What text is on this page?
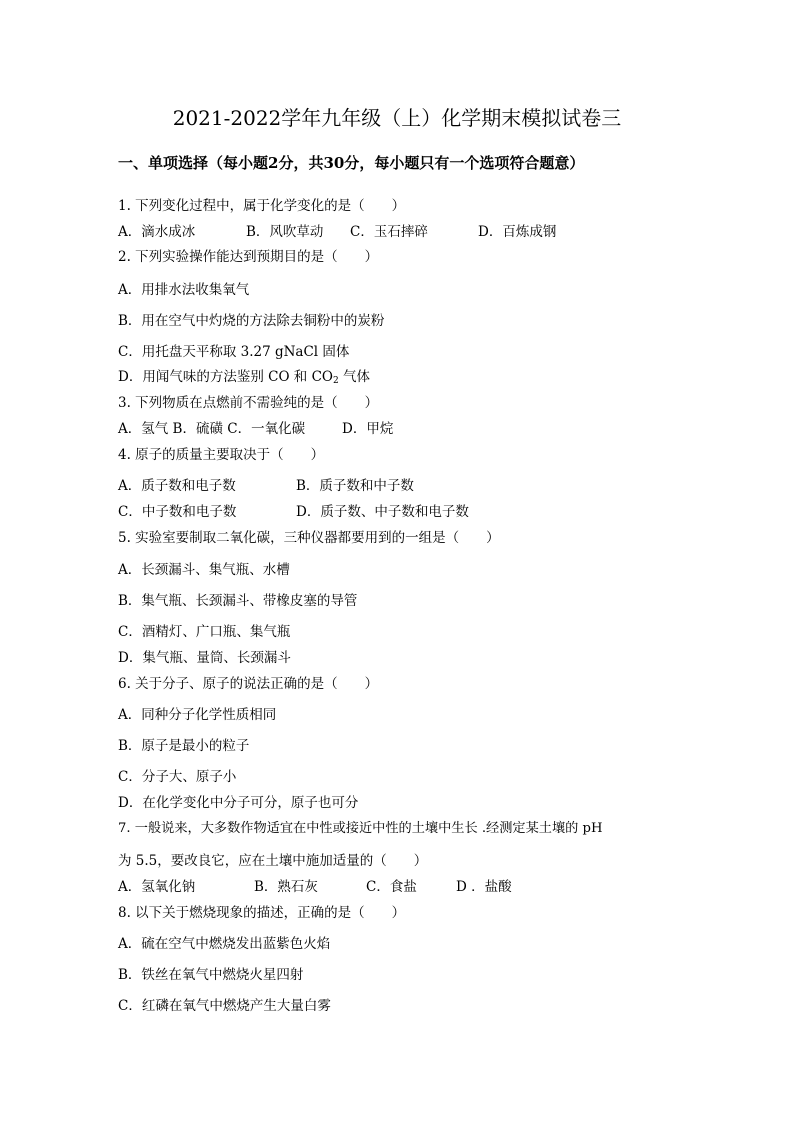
2021-2022学年九年级（上）化学期末模拟试卷三
一、单项选择（每小题2分，共30分，每小题只有一个选项符合题意）
1. 下列变化过程中，属于化学变化的是（　　）
A．滴水成冰	B．风吹草动 C．玉石摔碎	D．百炼成钢
2. 下列实验操作能达到预期目的是（　　）
A．用排水法收集氧气
B．用在空气中灼烧的方法除去铜粉中的炭粉
C．用托盘天平称取 3.27 gNaCl 固体
D．用闻气味的方法鉴别 CO 和 $CO_2$ 气体
3. 下列物质在点燃前不需验纯的是（　　）
A．氢气 B．硫磺 C．一氧化碳	D．甲烷
4. 原子的质量主要取决于（　　）
A．质子数和电子数	B．质子数和中子数
C．中子数和电子数	D．质子数、中子数和电子数
5. 实验室要制取二氧化碳，三种仪器都要用到的一组是（　　）
A．长颈漏斗、集气瓶、水槽
B．集气瓶、长颈漏斗、带橡皮塞的导管
C．酒精灯、广口瓶、集气瓶
D．集气瓶、量筒、长颈漏斗
6. 关于分子、原子的说法正确的是（　　）
A．同种分子化学性质相同
B．原子是最小的粒子
C．分子大、原子小
D．在化学变化中分子可分，原子也可分
7. 一般说来，大多数作物适宜在中性或接近中性的土壤中生长 .经测定某土壤的 pH
为 5.5，要改良它，应在土壤中施加适量的（　　）
A．氢氧化钠	B．熟石灰	C．食盐	D ．盐酸
8. 以下关于燃烧现象的描述，正确的是（　　）
A．硫在空气中燃烧发出蓝紫色火焰
B．铁丝在氧气中燃烧火星四射
C．红磷在氧气中燃烧产生大量白雾
